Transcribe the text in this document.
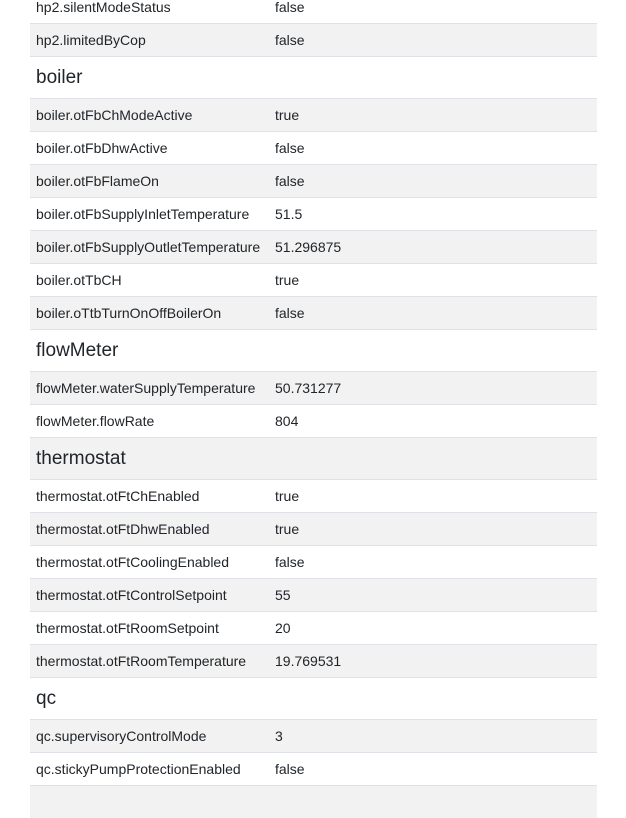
hp2.silentModeStatus	false
hp2.limitedByCop	false
boiler
boiler.otFbChModeActive	true
boiler.otFbDhwActive	false
boiler.otFbFlameOn	false
boiler.otFbSupplyInletTemperature	51.5
boiler.otFbSupplyOutletTemperature	51.296875
boiler.otTbCH	true
boiler.oTtbTurnOnOffBoilerOn	false
flowMeter
flowMeter.waterSupplyTemperature	50.731277
flowMeter.flowRate	804
thermostat
thermostat.otFtChEnabled	true
thermostat.otFtDhwEnabled	true
thermostat.otFtCoolingEnabled	false
thermostat.otFtControlSetpoint	55
thermostat.otFtRoomSetpoint	20
thermostat.otFtRoomTemperature	19.769531
qc
qc.supervisoryControlMode	3
qc.stickyPumpProtectionEnabled	false
